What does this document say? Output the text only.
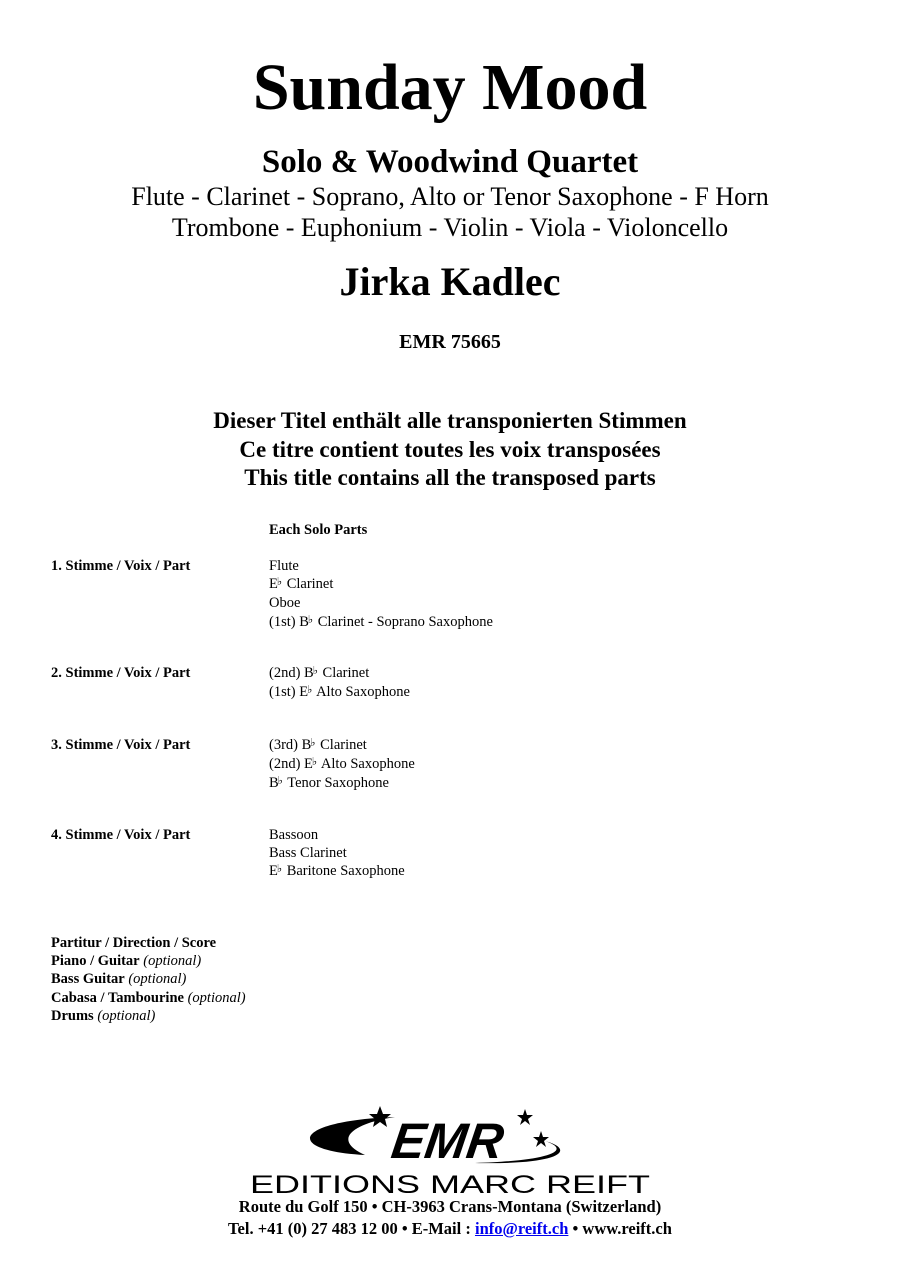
Sunday Mood
Solo & Woodwind Quartet
Flute - Clarinet - Soprano, Alto or Tenor Saxophone - F Horn
Trombone - Euphonium - Violin - Viola - Violoncello
Jirka Kadlec
EMR 75665
Dieser Titel enthält alle transponierten Stimmen
Ce titre contient toutes les voix transposées
This title contains all the transposed parts
Each Solo Parts
1. Stimme / Voix / Part	Flute
E♭ Clarinet
Oboe
(1st) B♭ Clarinet - Soprano Saxophone
2. Stimme / Voix / Part	(2nd) B♭ Clarinet
(1st) E♭ Alto Saxophone
3. Stimme / Voix / Part	(3rd) B♭ Clarinet
(2nd) E♭ Alto Saxophone
B♭ Tenor Saxophone
4. Stimme / Voix / Part	Bassoon
Bass Clarinet
E♭ Baritone Saxophone
Partitur / Direction / Score
Piano / Guitar (optional)
Bass Guitar (optional)
Cabasa / Tambourine (optional)
Drums (optional)
EMR
EDITIONS MARC REIFT
Route du Golf 150 • CH-3963 Crans-Montana (Switzerland)
Tel. +41 (0) 27 483 12 00 • E-Mail : info@reift.ch • www.reift.ch
